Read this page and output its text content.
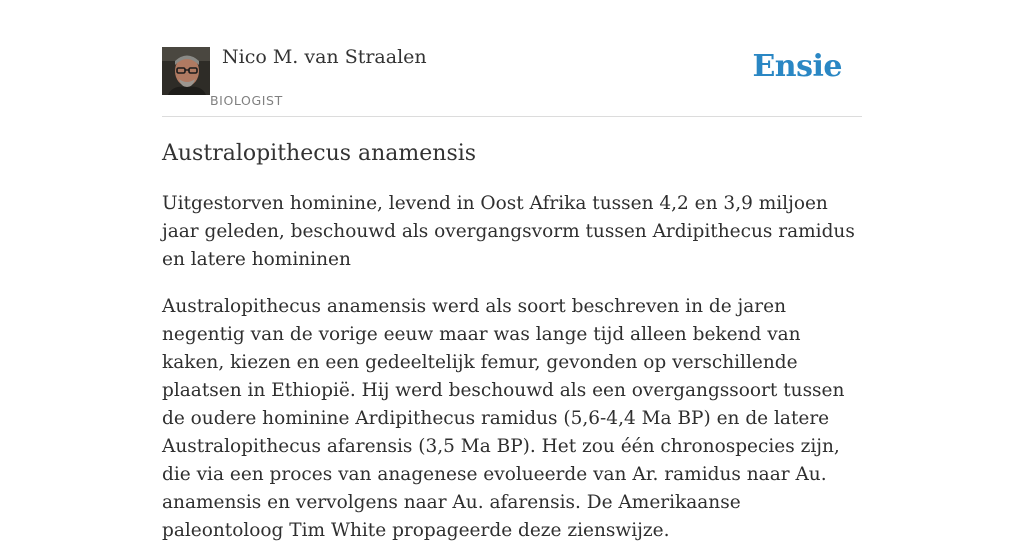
Nico M. van Straalen
BIOLOGIST
Ensie
Australopithecus anamensis

Uitgestorven hominine, levend in Oost Afrika tussen 4,2 en 3,9 miljoen jaar geleden, beschouwd als overgangsvorm tussen Ardipithecus ramidus en latere homininen

Australopithecus anamensis werd als soort beschreven in de jaren negentig van de vorige eeuw maar was lange tijd alleen bekend van kaken, kiezen en een gedeeltelijk femur, gevonden op verschillende plaatsen in Ethiopië. Hij werd beschouwd als een overgangssoort tussen de oudere hominine Ardipithecus ramidus (5,6-4,4 Ma BP) en de latere Australopithecus afarensis (3,5 Ma BP). Het zou één chronospecies zijn, die via een proces van anagenese evolueerde van Ar. ramidus naar Au. anamensis en vervolgens naar Au. afarensis. De Amerikaanse paleontoloog Tim White propageerde deze zienswijze.
